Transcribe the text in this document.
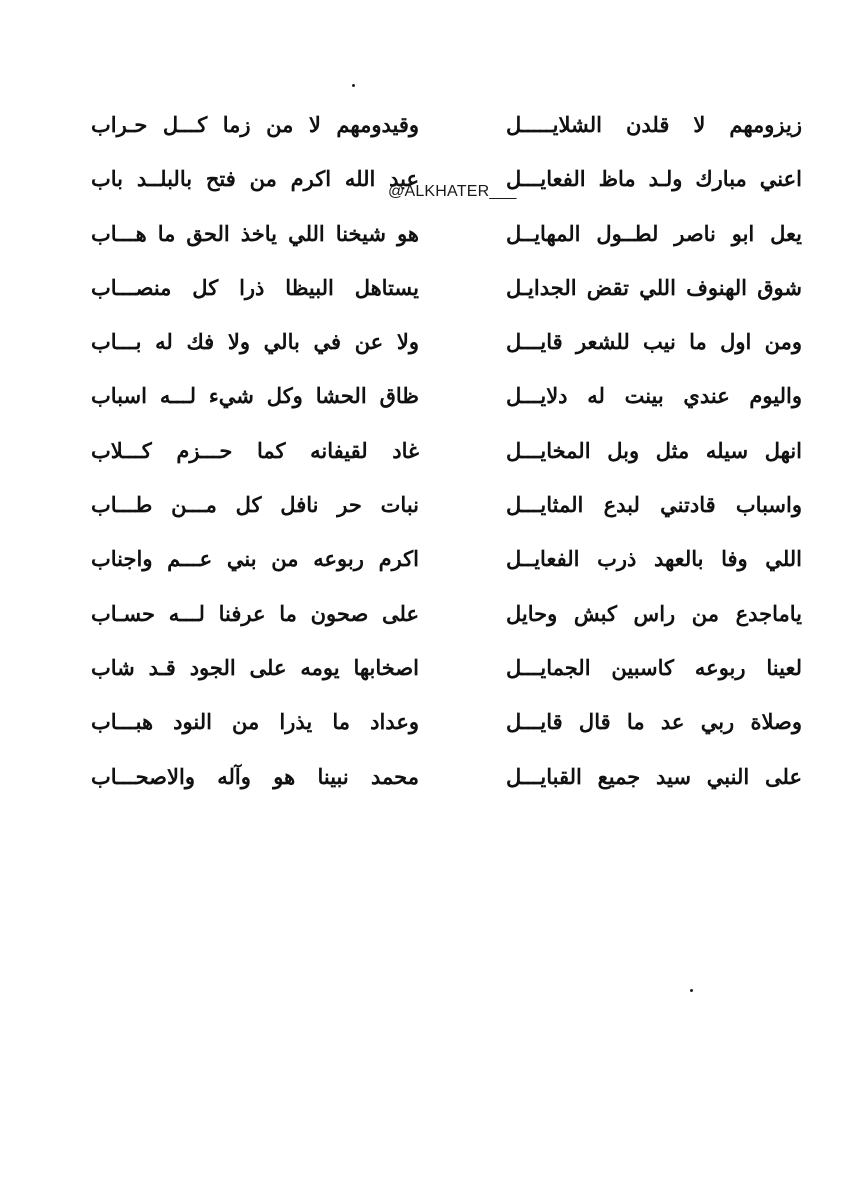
@ALKHATER___
زيزومهم لا قلدن الشلايـــــل
وقيدومهم لا من زما كـــل حـراب
اعني مبارك ولـد ماظ الفعايـــل
عبد الله اكرم من فتح بالبلــد باب
يعل ابو ناصر لطــول المهايــل
هو شيخنا اللي ياخذ الحق ما هـــاب
شوق الهنوف اللي تقض الجدايـل
يستاهل البيظا ذرا كل منصـــاب
ومن اول ما نيب للشعر قايـــل
ولا عن في بالي ولا فك له بـــاب
واليوم عندي بينت له دلايـــل
ظاق الحشا وكل شيء لـــه اسباب
انهل سيله مثل وبل المخايـــل
غاد لقيفانه كما حـــزم كـــلاب
واسباب قادتني لبدع المثايـــل
نبات حر نافل كل مـــن طـــاب
اللي وفا بالعهد ذرب الفعايــل
اكرم ربوعه من بني عـــم واجناب
ياماجدع من راس كبش وحايل
على صحون ما عرفنا لـــه حسـاب
لعينا ربوعه كاسبين الجمايـــل
اصخابها يومه على الجود قـد شاب
وصلاة ربي عد ما قال قايـــل
وعداد ما يذرا من النود هبـــاب
على النبي سيد جميع القبايـــل
محمد نبينا هو وآله والاصحـــاب
